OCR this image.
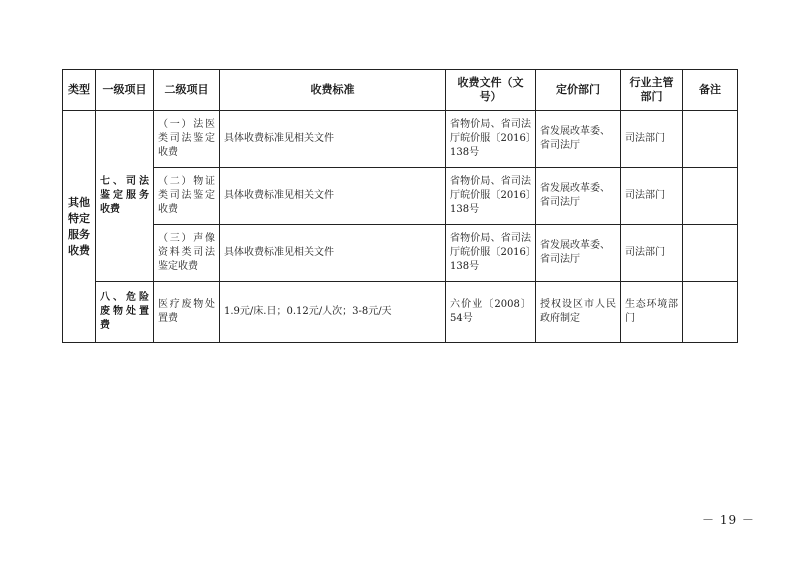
类型	一级项目	二级项目	收费标准	收费文件（文号）	定价部门	行业主管部门	备注
其他特定服务收费	七、司法鉴定服务收费	（一）法医类司法鉴定收费	具体收费标准见相关文件	省物价局、省司法厅皖价服〔2016〕138号	省发展改革委、省司法厅	司法部门	
		（二）物证类司法鉴定收费	具体收费标准见相关文件	省物价局、省司法厅皖价服〔2016〕138号	省发展改革委、省司法厅	司法部门	
		（三）声像资料类司法鉴定收费	具体收费标准见相关文件	省物价局、省司法厅皖价服〔2016〕138号	省发展改革委、省司法厅	司法部门	
	八、危险废物处置费	医疗废物处置费	1.9元/床.日；0.12元/人次；3-8元/天	六价业〔2008〕54号	授权设区市人民政府制定	生态环境部门	
－ 19 －
